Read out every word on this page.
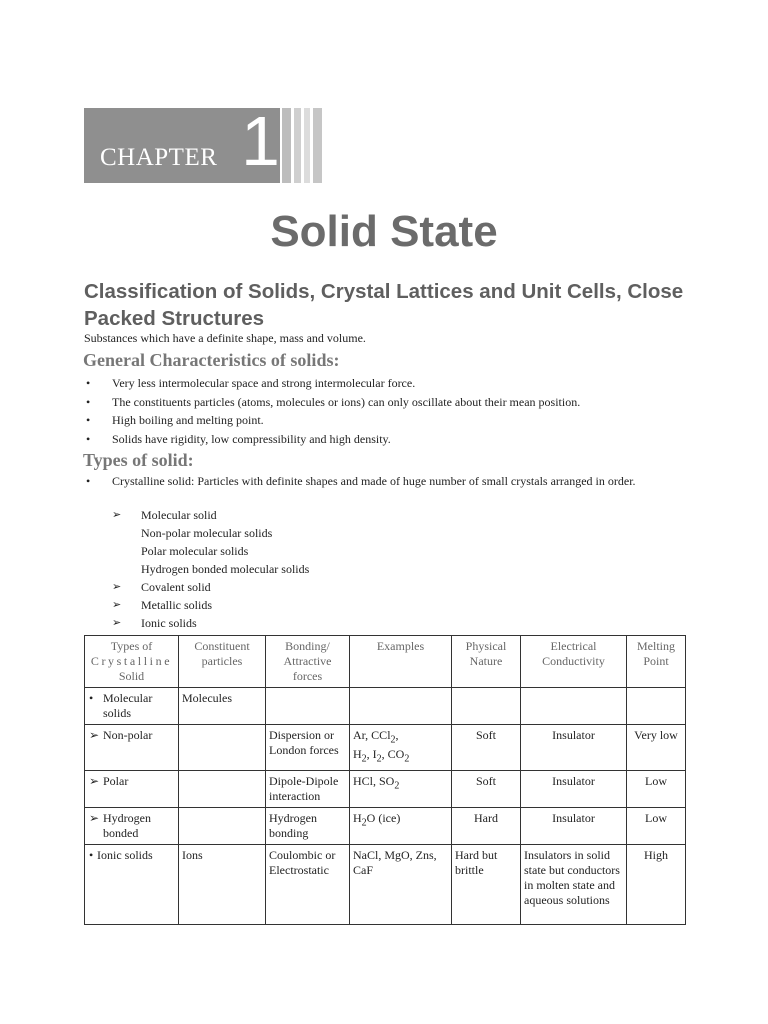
CHAPTER 1
Solid State
Classification of Solids, Crystal Lattices and Unit Cells, Close Packed Structures
Substances which have a definite shape, mass and volume.
General Characteristics of solids:
• Very less intermolecular space and strong intermolecular force.
• The constituents particles (atoms, molecules or ions) can only oscillate about their mean position.
• High boiling and melting point.
• Solids have rigidity, low compressibility and high density.
Types of solid:
• Crystalline solid: Particles with definite shapes and made of huge number of small crystals arranged in order.
➢ Molecular solid
Non-polar molecular solids
Polar molecular solids
Hydrogen bonded molecular solids
➢ Covalent solid
➢ Metallic solids
➢ Ionic solids
Types of
Crystalline
Solid	Constituent particles	Bonding/ Attractive forces	Examples	Physical Nature	Electrical Conductivity	Melting Point

• Molecular solids	Molecules					

➢ Non-polar		Dispersion or London forces	Ar, CCl$_2$,
$H_2$, $I_2$, $CO_2$	Soft	Insulator	Very low

➢ Polar		Dipole-Dipole interaction	HCl, $SO_2$	Soft	Insulator	Low

➢ Hydrogen bonded		Hydrogen bonding	$H_2O$ (ice)	Hard	Insulator	Low

• Ionic solids	Ions	Coulombic or Electrostatic	NaCl, MgO, Zns, CaF	Hard but brittle	Insulators in solid state but conductors in molten state and aqueous solutions	High
